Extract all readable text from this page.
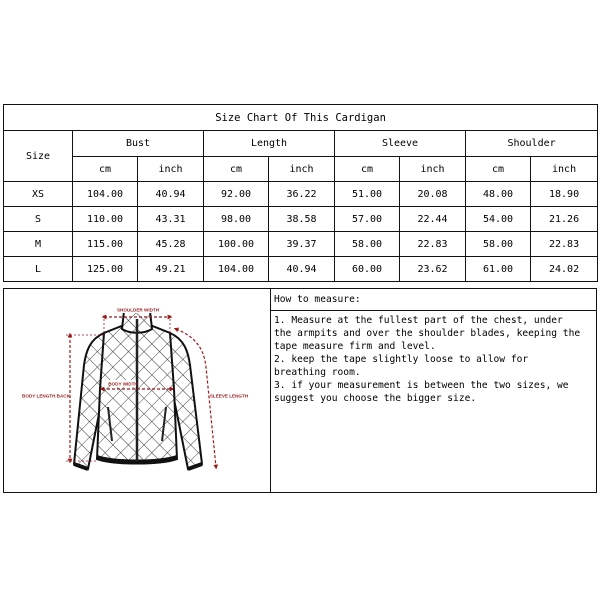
Size Chart Of This Cardigan								
Size	Bust		Length		Sleeve		Shoulder	
	cm	inch	cm	inch	cm	inch	cm	inch
XS	104.00	40.94	92.00	36.22	51.00	20.08	48.00	18.90
S	110.00	43.31	98.00	38.58	57.00	22.44	54.00	21.26
M	115.00	45.28	100.00	39.37	58.00	22.83	58.00	22.83
L	125.00	49.21	104.00	40.94	60.00	23.62	61.00	24.02
SHOULDER WIDTH
BODY WIDTH
BODY LENGTH BACK	SLEEVE LENGTH
How to measure:

1. Measure at the fullest part of the chest, under

the armpits and over the shoulder blades, keeping the

tape measure firm and level.

2. keep the tape slightly loose to allow for

breathing room.

3. if your measurement is between the two sizes, we

suggest you choose the bigger size.
